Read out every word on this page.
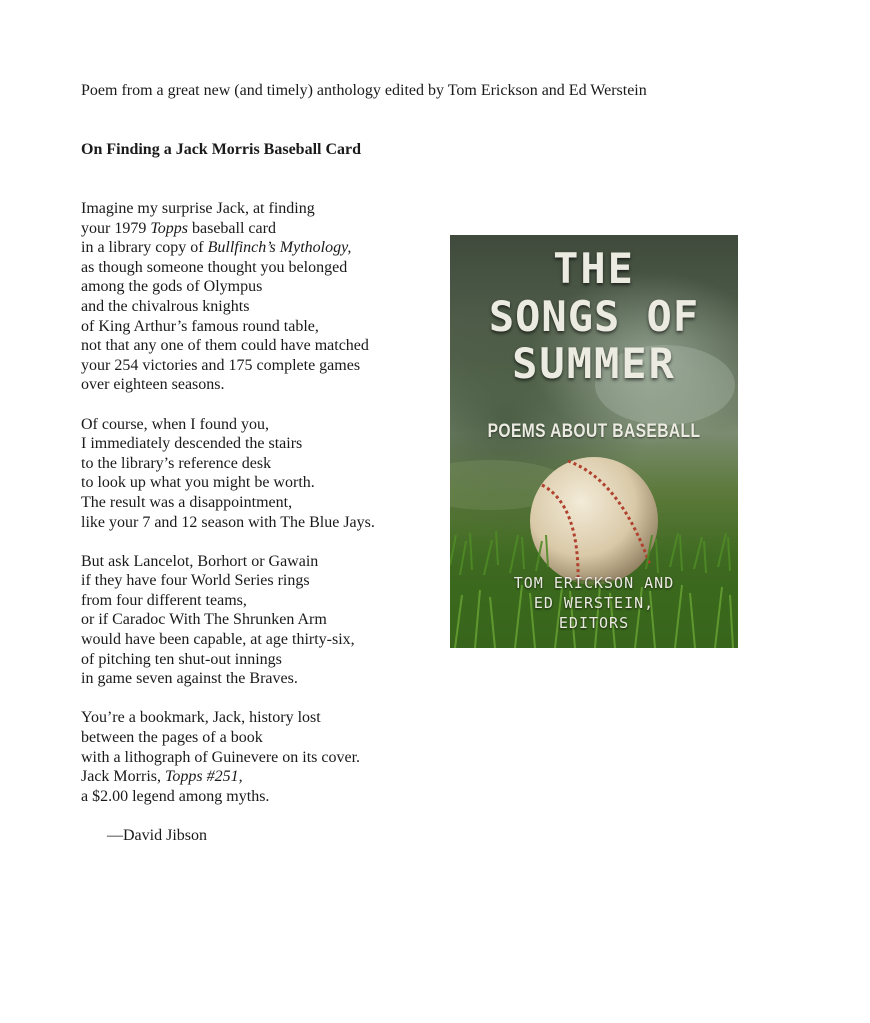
Poem from a great new (and timely) anthology edited by Tom Erickson and Ed Werstein
On Finding a Jack Morris Baseball Card
Imagine my surprise Jack, at finding
your 1979 Topps baseball card
in a library copy of Bullfinch’s Mythology,
as though someone thought you belonged
among the gods of Olympus
and the chivalrous knights
of King Arthur’s famous round table,
not that any one of them could have matched
your 254 victories and 175 complete games
over eighteen seasons.
Of course, when I found you,
I immediately descended the stairs
to the library’s reference desk
to look up what you might be worth.
The result was a disappointment,
like your 7 and 12 season with The Blue Jays.
But ask Lancelot, Borhort or Gawain
if they have four World Series rings
from four different teams,
or if Caradoc With The Shrunken Arm
would have been capable, at age thirty-six,
of pitching ten shut-out innings
in game seven against the Braves.
You’re a bookmark, Jack, history lost
between the pages of a book
with a lithograph of Guinevere on its cover.
Jack Morris, Topps #251,
a $2.00 legend among myths.
—David Jibson
THE
SONGS OF
SUMMER
POEMS ABOUT BASEBALL
TOM ERICKSON AND
ED WERSTEIN,
EDITORS
